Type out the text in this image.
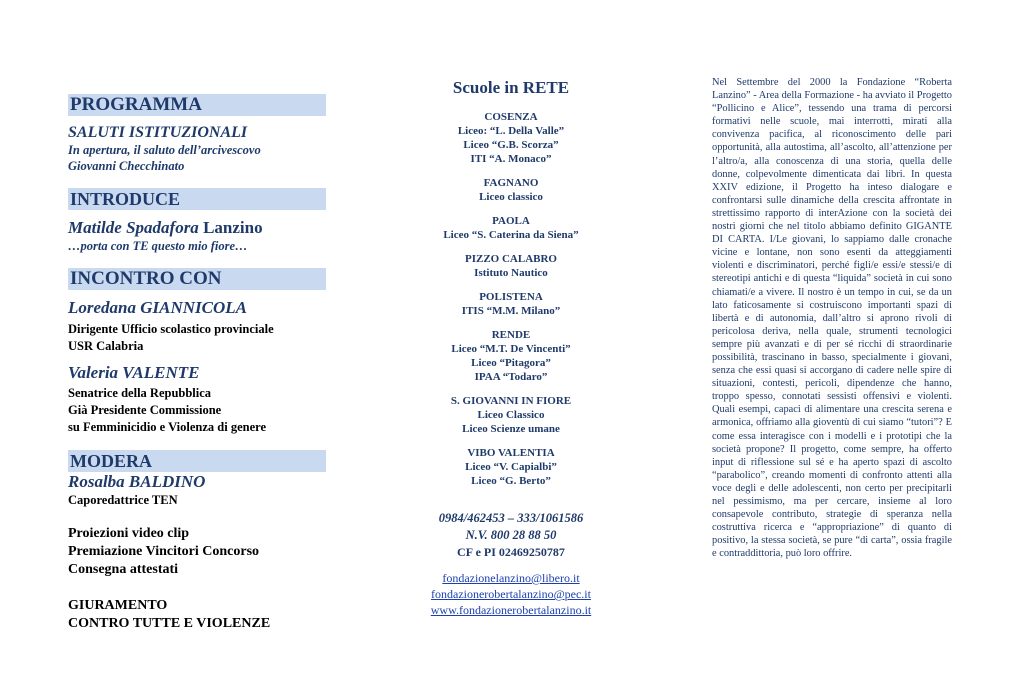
PROGRAMMA
SALUTI ISTITUZIONALI
In apertura, il saluto dell’arcivescovo
Giovanni Checchinato
INTRODUCE
Matilde Spadafora Lanzino
…porta con TE questo mio fiore…
INCONTRO CON
Loredana GIANNICOLA
Dirigente Ufficio scolastico provinciale
USR Calabria
Valeria VALENTE
Senatrice della Repubblica
Già Presidente Commissione
su Femminicidio e Violenza di genere
MODERA
Rosalba BALDINO
Caporedattrice TEN
Proiezioni video clip
Premiazione Vincitori Concorso
Consegna attestati
GIURAMENTO
CONTRO TUTTE E VIOLENZE
Scuole in RETE
COSENZA
Liceo: “L. Della Valle”
Liceo “G.B. Scorza”
ITI “A. Monaco”
FAGNANO
Liceo classico
PAOLA
Liceo “S. Caterina da Siena”
PIZZO CALABRO
Istituto Nautico
POLISTENA
ITIS “M.M. Milano”
RENDE
Liceo “M.T. De Vincenti”
Liceo “Pitagora”
IPAA “Todaro”
S. GIOVANNI IN FIORE
Liceo Classico
Liceo Scienze umane
VIBO VALENTIA
Liceo “V. Capialbi”
Liceo “G. Berto”
0984/462453 – 333/1061586
N.V. 800 28 88 50
CF e PI 02469250787
fondazionelanzino@libero.it
fondazionerobertalanzino@pec.it
www.fondazionerobertalanzino.it

Nel Settembre del 2000 la Fondazione “Roberta Lanzino” - Area della Formazione - ha avviato il Progetto “Pollicino e Alice”, tessendo una trama di percorsi formativi nelle scuole, mai interrotti, mirati alla convivenza pacifica, al riconoscimento delle pari opportunità, alla autostima, all’ascolto, all’attenzione per l’altro/a, alla conoscenza di una storia, quella delle donne, colpevolmente dimenticata dai libri. In questa XXIV edizione, il Progetto ha inteso dialogare e confrontarsi sulle dinamiche della crescita affrontate in strettissimo rapporto di interAzione con la società dei nostri giorni che nel titolo abbiamo definito GIGANTE DI CARTA. I/Le giovani, lo sappiamo dalle cronache vicine e lontane, non sono esenti da atteggiamenti violenti e discriminatori, perché figli/e essi/e stessi/e di stereotipi antichi e di questa “liquida” società in cui sono chiamati/e a vivere. Il nostro è un tempo in cui, se da un lato faticosamente si costruiscono importanti spazi di libertà e di autonomia, dall’altro si aprono rivoli di pericolosa deriva, nella quale, strumenti tecnologici sempre più avanzati e di per sé ricchi di straordinarie possibilità, trascinano in basso, specialmente i giovani, senza che essi quasi si accorgano di cadere nelle spire di situazioni, contesti, pericoli, dipendenze che hanno, troppo spesso, connotati sessisti offensivi e violenti. Quali esempi, capaci di alimentare una crescita serena e armonica, offriamo alla gioventù di cui siamo “tutori”? E come essa interagisce con i modelli e i prototipi che la società propone? Il progetto, come sempre, ha offerto input di riflessione sul sé e ha aperto spazi di ascolto “parabolico”, creando momenti di confronto attenti alla voce degli e delle adolescenti, non certo per precipitarli nel pessimismo, ma per cercare, insieme al loro consapevole contributo, strategie di speranza nella costruttiva ricerca e “appropriazione” di quanto di positivo, la stessa società, se pure “di carta”, ossia fragile e contraddittoria, può loro offrire.
